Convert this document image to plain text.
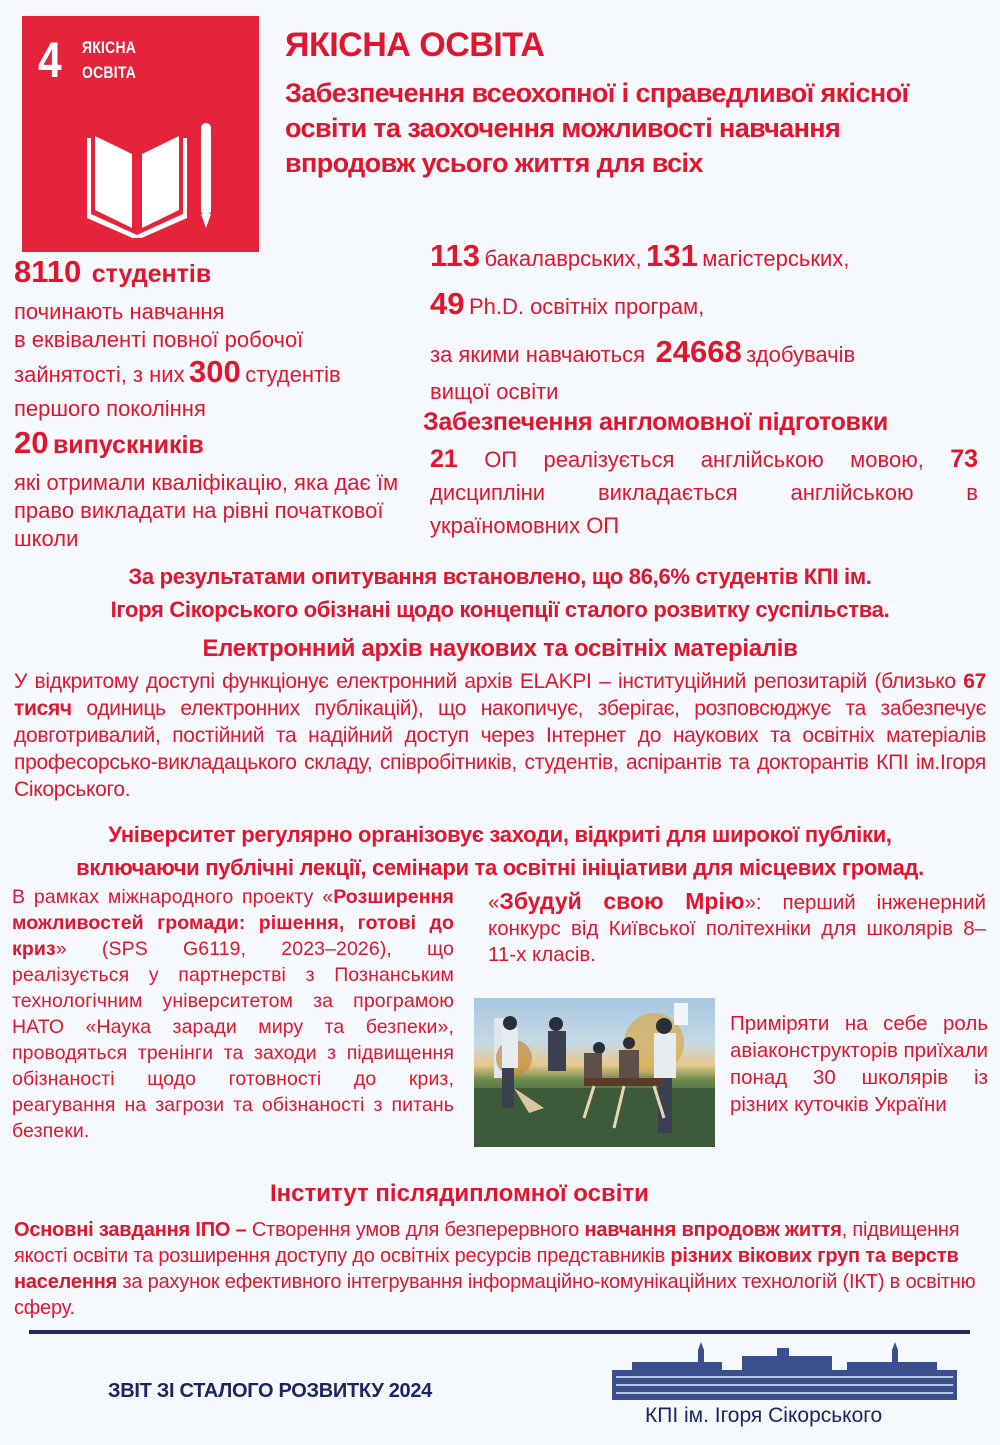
4 ЯКІСНА
ОСВІТА
ЯКІСНА ОСВІТА
Забезпечення всеохопної і справедливої якісної освіти та заохочення можливості навчання впродовж усього життя для всіх
8110 студентів
починають навчання
в еквіваленті повної робочої
зайнятості, з них 300 студентів
першого покоління
20 випускників
які отримали кваліфікацію, яка дає їм право викладати на рівні початкової школи
113 бакалаврських, 131 магістерських,
49 Ph.D. освітніх програм,
за якими навчаються 24668 здобувачів
вищої освіти
Забезпечення англомовної підготовки
21 ОП реалізується англійською мовою, 73 дисципліни викладається англійською в україномовних ОП
За результатами опитування встановлено, що 86,6% студентів КПІ ім.
Ігоря Сікорського обізнані щодо концепції сталого розвитку суспільства.
Електронний архів наукових та освітніх матеріалів
У відкритому доступі функціонує електронний архів ELAKPI – інституційний репозитарій (близько 67 тисяч одиниць електронних публікацій), що накопичує, зберігає, розповсюджує та забезпечує довготривалий, постійний та надійний доступ через Інтернет до наукових та освітніх матеріалів професорсько-викладацького складу, співробітників, студентів, аспірантів та докторантів КПІ ім.Ігоря Сікорського.
Університет регулярно організовує заходи, відкриті для широкої публіки,
включаючи публічні лекції, семінари та освітні ініціативи для місцевих громад.
В рамках міжнародного проекту «Розширення можливостей громади: рішення, готові до криз» (SPS G6119, 2023–2026), що реалізується у партнерстві з Познанським технологічним університетом за програмою НАТО «Наука заради миру та безпеки», проводяться тренінги та заходи з підвищення обізнаності щодо готовності до криз, реагування на загрози та обізнаності з питань безпеки.
«Збудуй свою Мрію»: перший інженерний конкурс від Київської політехніки для школярів 8–11-х класів.
Приміряти на себе роль авіаконструкторів приїхали понад 30 школярів із різних куточків України
Інститут післядипломної освіти
Основні завдання ІПО – Створення умов для безперервного навчання впродовж життя, підвищення якості освіти та розширення доступу до освітніх ресурсів представників різних вікових груп та верств населення за рахунок ефективного інтегрування інформаційно-комунікаційних технологій (ІКТ) в освітню сферу.
ЗВІТ ЗІ СТАЛОГО РОЗВИТКУ 2024
КПІ ім. Ігоря Сікорського
